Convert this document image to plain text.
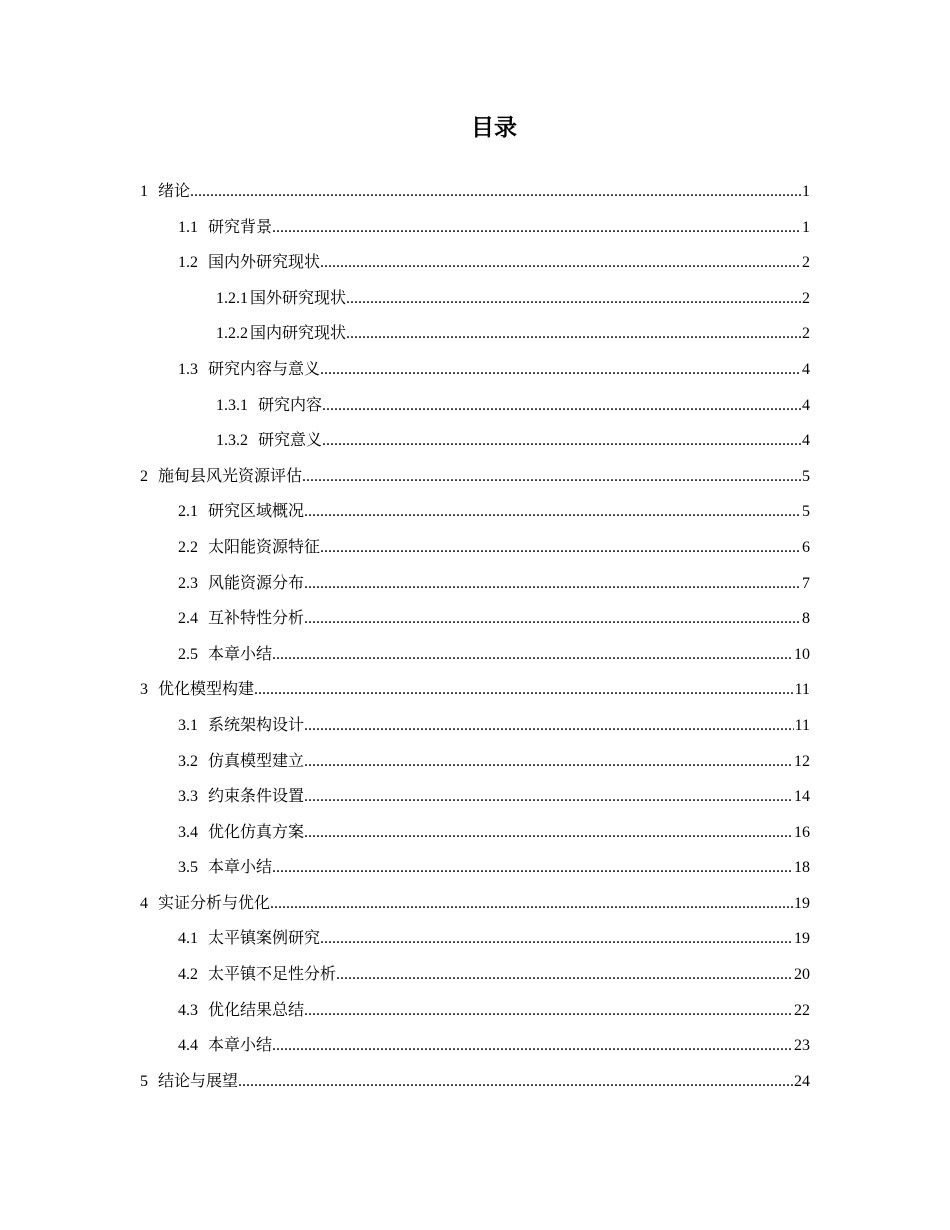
目录
1 绪论 .....	1
1.1 研究背景 .....	1
1.2 国内外研究现状 .....	2
1.2.1 国外研究现状 .....	2
1.2.2 国内研究现状 .....	2
1.3 研究内容与意义 .....	4
1.3.1 研究内容 .....	4
1.3.2 研究意义 .....	4
2 施甸县风光资源评估 .....	5
2.1 研究区域概况 .....	5
2.2 太阳能资源特征 .....	6
2.3 风能资源分布 .....	7
2.4 互补特性分析 .....	8
2.5 本章小结 .....	10
3 优化模型构建 .....	11
3.1 系统架构设计 .....	11
3.2 仿真模型建立 .....	12
3.3 约束条件设置 .....	14
3.4 优化仿真方案 .....	16
3.5 本章小结 .....	18
4 实证分析与优化 .....	19
4.1 太平镇案例研究 .....	19
4.2 太平镇不足性分析 .....	20
4.3 优化结果总结 .....	22
4.4 本章小结 .....	23
5 结论与展望 .....	24
